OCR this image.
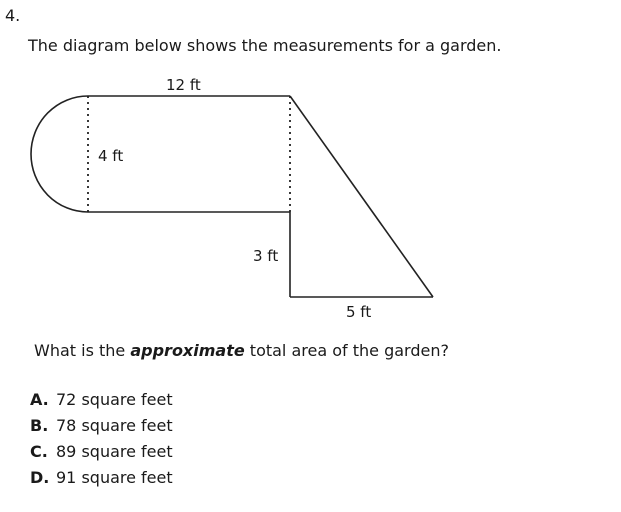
4.
The diagram below shows the measurements for a garden.
12 ft
4 ft
3 ft
5 ft
What is the approximate total area of the garden?
A. 72 square feet
B. 78 square feet
C. 89 square feet
D. 91 square feet
